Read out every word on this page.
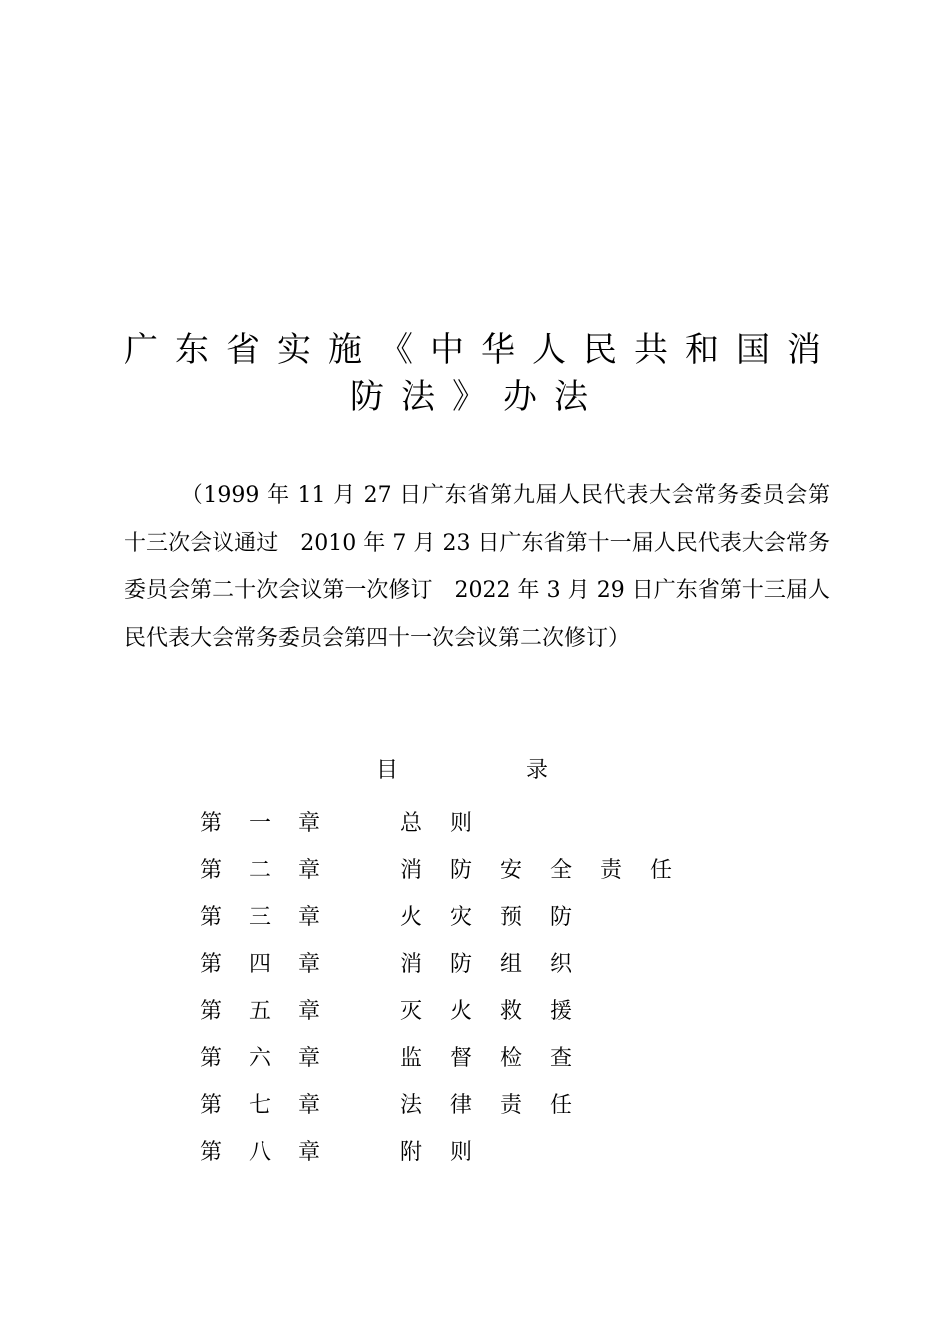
广东省实施《中华人民共和国消
防法》办法

（1999 年 11 月 27 日广东省第九届人民代表大会常务委员会第十三次会议通过　2010 年 7 月 23 日广东省第十一届人民代表大会常务委员会第二十次会议第一次修订　2022 年 3 月 29 日广东省第十三届人民代表大会常务委员会第四十一次会议第二次修订）

目	录
第一章 总则
第二章 消防安全责任
第三章 火灾预防
第四章 消防组织
第五章 灭火救援
第六章 监督检查
第七章 法律责任
第八章 附则
